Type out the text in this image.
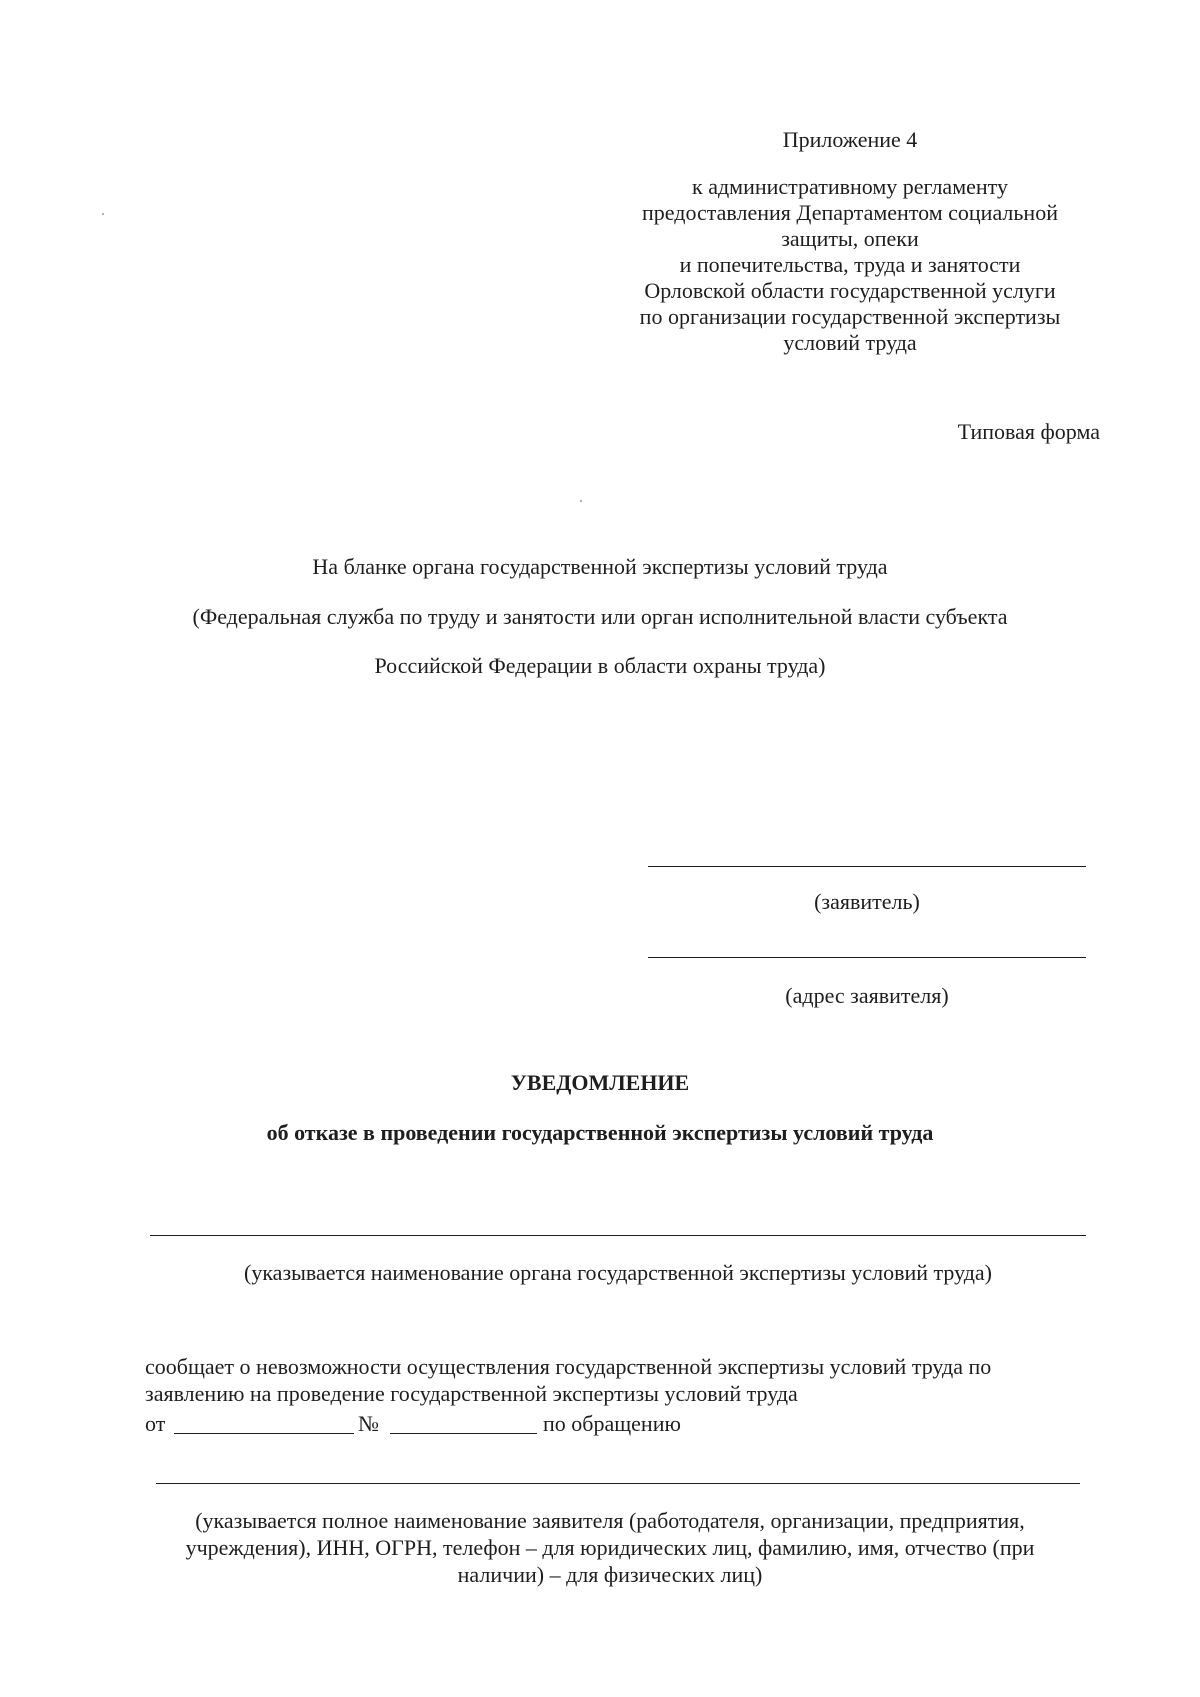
Приложение 4
к административному регламенту
предоставления Департаментом социальной
защиты, опеки
и попечительства, труда и занятости
Орловской области государственной услуги
по организации государственной экспертизы
условий труда
Типовая форма
На бланке органа государственной экспертизы условий труда
(Федеральная служба по труду и занятости или орган исполнительной власти субъекта
Российской Федерации в области охраны труда)
(заявитель)
(адрес заявителя)
УВЕДОМЛЕНИЕ
об отказе в проведении государственной экспертизы условий труда
(указывается наименование органа государственной экспертизы условий труда)
сообщает о невозможности осуществления государственной экспертизы условий труда по
заявлению на проведение государственной экспертизы условий труда
от	№	по обращению
(указывается полное наименование заявителя (работодателя, организации, предприятия,
учреждения), ИНН, ОГРН, телефон – для юридических лиц, фамилию, имя, отчество (при
наличии) – для физических лиц)
